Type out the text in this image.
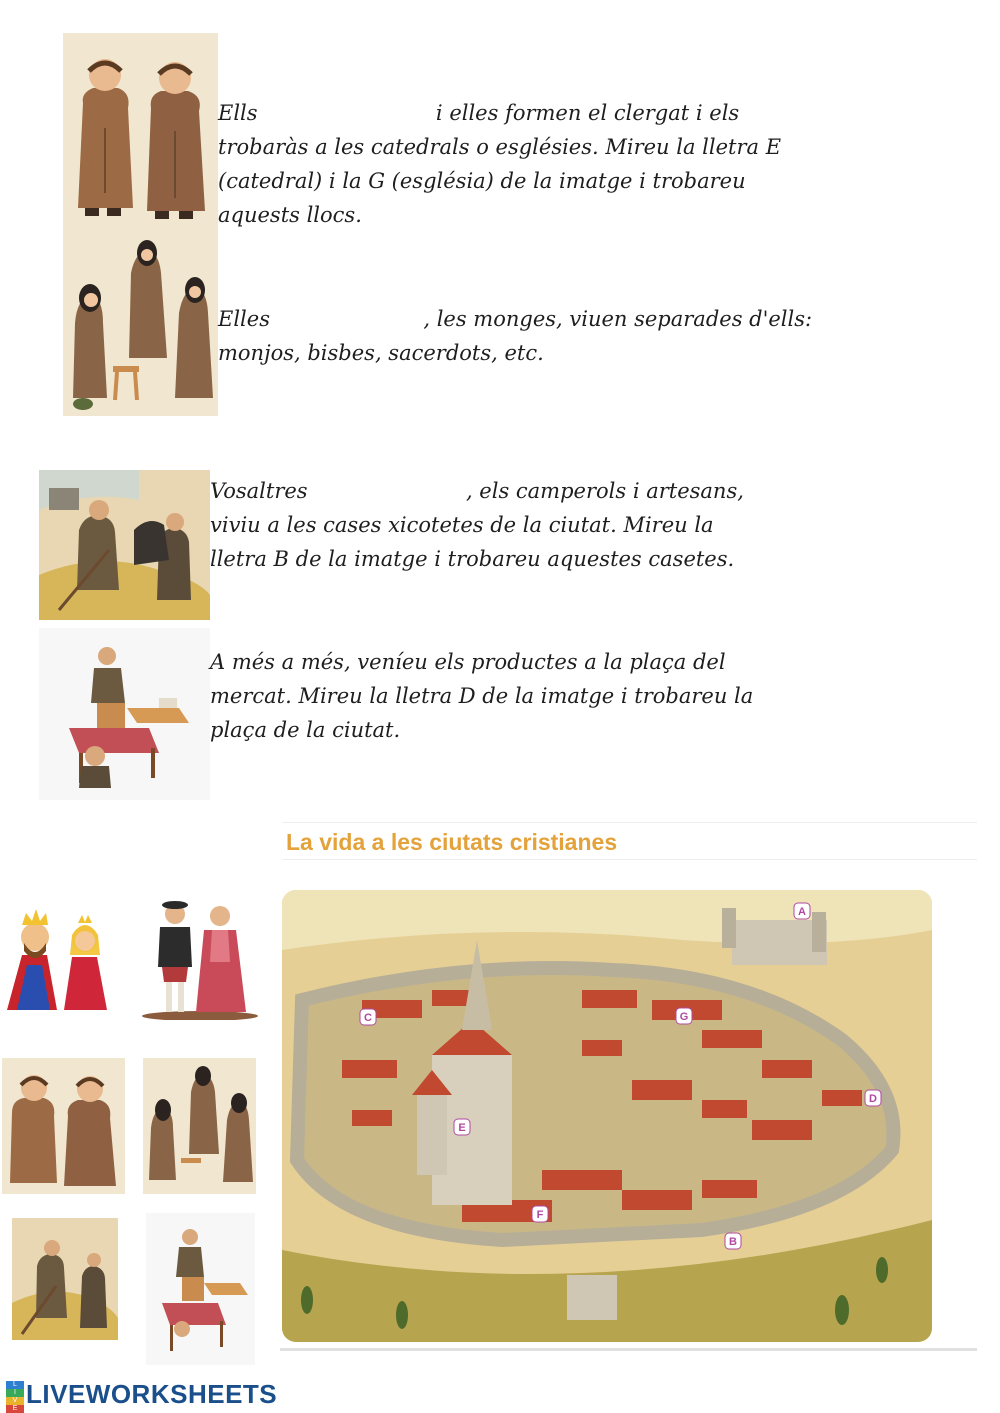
Ells	i elles formen el clergat i els
trobaràs a les catedrals o esglésies. Mireu la lletra E
(catedral) i la G (església) de la imatge i trobareu
aquests llocs.
Elles	, les monges, viuen separades d'ells:
monjos, bisbes, sacerdots, etc.
Vosaltres	, els camperols i artesans,
viviu a les cases xicotetes de la ciutat. Mireu la
lletra B de la imatge i trobareu aquestes casetes.
A més a més, veníeu els productes a la plaça del
mercat. Mireu la lletra D de la imatge i trobareu la
plaça de la ciutat.
La vida a les ciutats cristianes
A
B
C
D
E
F
G
L
I
V
E LIVEWORKSHEETS
